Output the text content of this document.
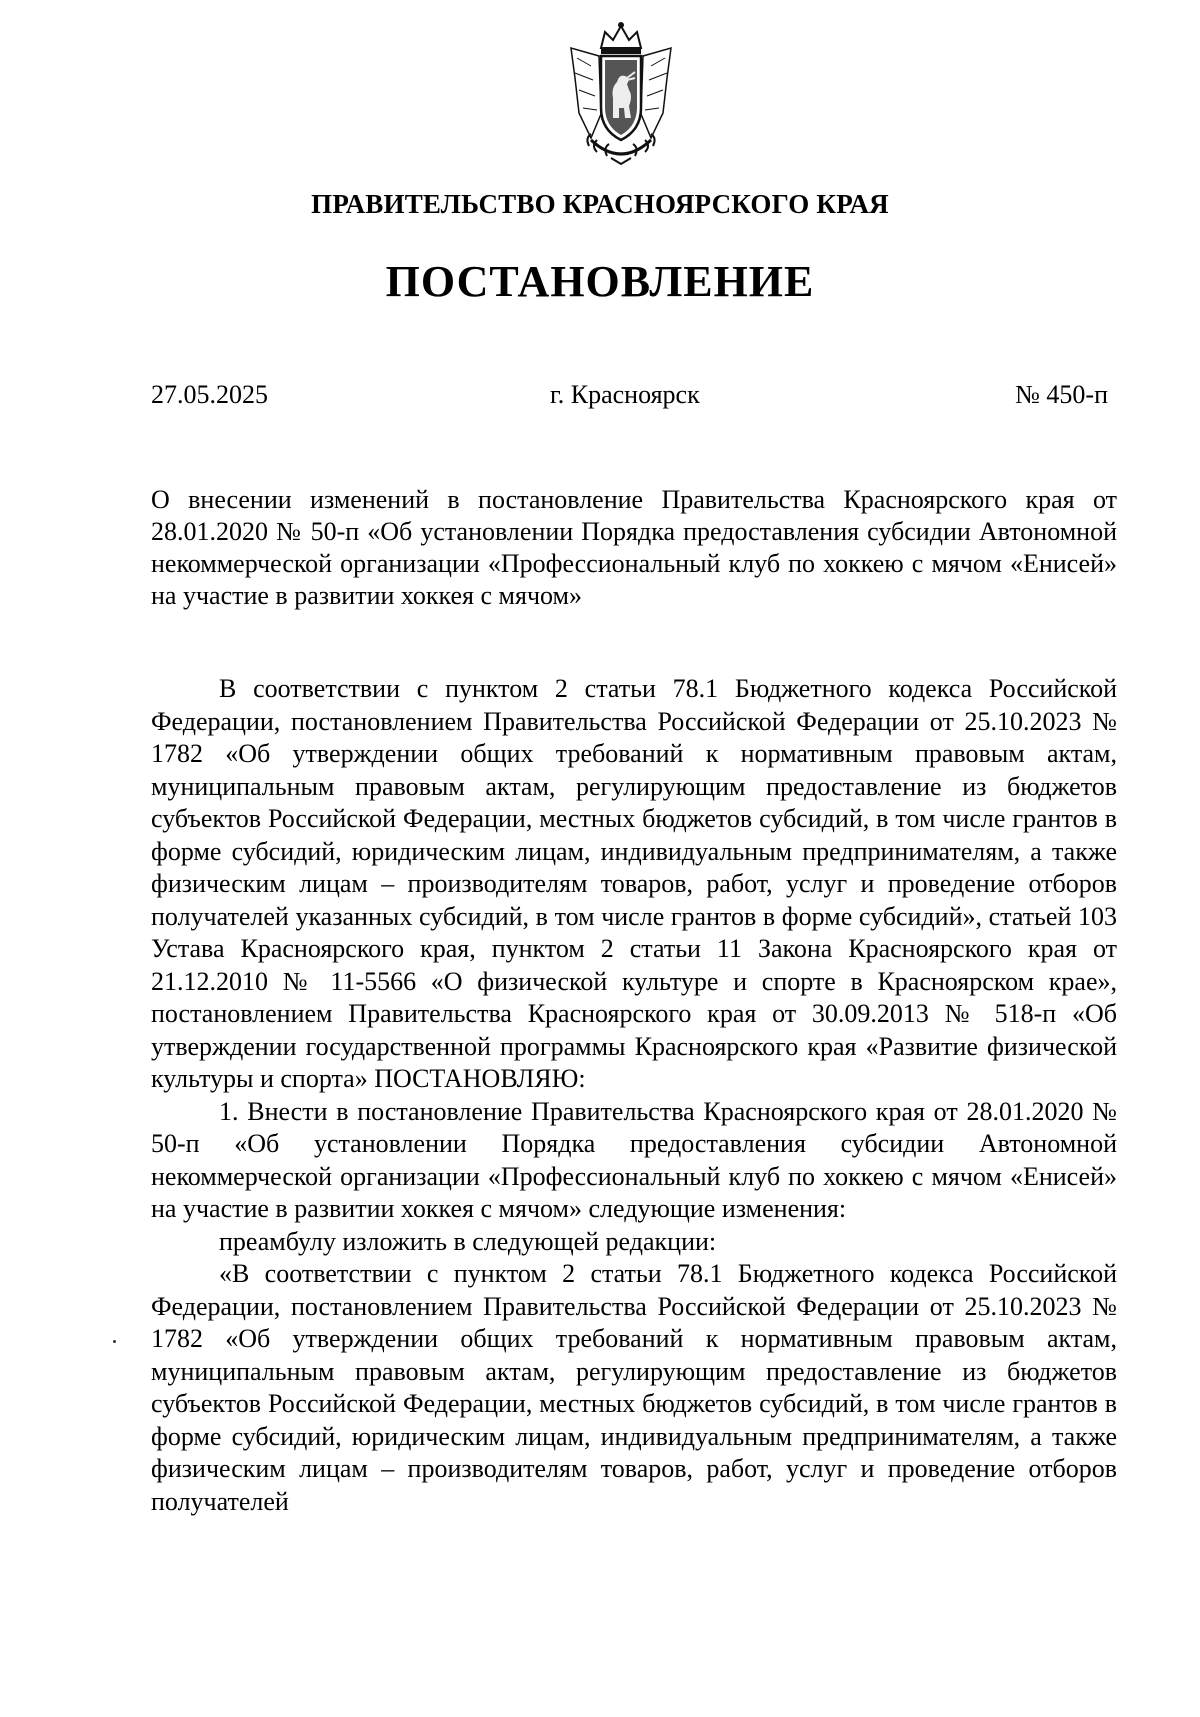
ПРАВИТЕЛЬСТВО КРАСНОЯРСКОГО КРАЯ
ПОСТАНОВЛЕНИЕ
27.05.2025	г. Красноярск	№ 450-п
О внесении изменений в постановление Правительства Красноярского края от 28.01.2020 № 50-п «Об установлении Порядка предоставления субсидии Автономной некоммерческой организации «Профессиональный клуб по хоккею с мячом «Енисей» на участие в развитии хоккея с мячом»

В соответствии с пунктом 2 статьи 78.1 Бюджетного кодекса Российской Федерации, постановлением Правительства Российской Федерации от 25.10.2023 № 1782 «Об утверждении общих требований к нормативным правовым актам, муниципальным правовым актам, регулирующим предоставление из бюджетов субъектов Российской Федерации, местных бюджетов субсидий, в том числе грантов в форме субсидий, юридическим лицам, индивидуальным предпринимателям, а также физическим лицам – производителям товаров, работ, услуг и проведение отборов получателей указанных субсидий, в том числе грантов в форме субсидий», статьей 103 Устава Красноярского края, пунктом 2 статьи 11 Закона Красноярского края от 21.12.2010 № 11-5566 «О физической культуре и спорте в Красноярском крае», постановлением Правительства Красноярского края от 30.09.2013 № 518-п «Об утверждении государственной программы Красноярского края «Развитие физической культуры и спорта» ПОСТАНОВЛЯЮ:

1. Внести в постановление Правительства Красноярского края от 28.01.2020 № 50-п «Об установлении Порядка предоставления субсидии Автономной некоммерческой организации «Профессиональный клуб по хоккею с мячом «Енисей» на участие в развитии хоккея с мячом» следующие изменения:

преамбулу изложить в следующей редакции:

«В соответствии с пунктом 2 статьи 78.1 Бюджетного кодекса Российской Федерации, постановлением Правительства Российской Федерации от 25.10.2023 № 1782 «Об утверждении общих требований к нормативным правовым актам, муниципальным правовым актам, регулирующим предоставление из бюджетов субъектов Российской Федерации, местных бюджетов субсидий, в том числе грантов в форме субсидий, юридическим лицам, индивидуальным предпринимателям, а также физическим лицам – производителям товаров, работ, услуг и проведение отборов получателей
